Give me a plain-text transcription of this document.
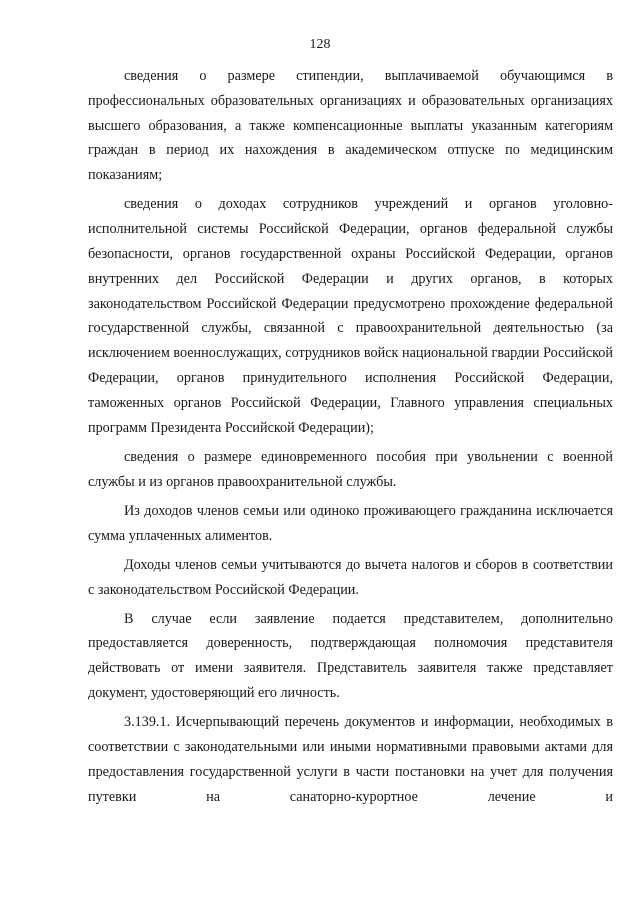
128

сведения о размере стипендии, выплачиваемой обучающимся в профессиональных образовательных организациях и образовательных организациях высшего образования, а также компенсационные выплаты указанным категориям граждан в период их нахождения в академическом отпуске по медицинским показаниям;

сведения о доходах сотрудников учреждений и органов уголовно-исполнительной системы Российской Федерации, органов федеральной службы безопасности, органов государственной охраны Российской Федерации, органов внутренних дел Российской Федерации и других органов, в которых законодательством Российской Федерации предусмотрено прохождение федеральной государственной службы, связанной с правоохранительной деятельностью (за исключением военнослужащих, сотрудников войск национальной гвардии Российской Федерации, органов принудительного исполнения Российской Федерации, таможенных органов Российской Федерации, Главного управления специальных программ Президента Российской Федерации);

сведения о размере единовременного пособия при увольнении с военной службы и из органов правоохранительной службы.

Из доходов членов семьи или одиноко проживающего гражданина исключается сумма уплаченных алиментов.

Доходы членов семьи учитываются до вычета налогов и сборов в соответствии с законодательством Российской Федерации.

В случае если заявление подается представителем, дополнительно предоставляется доверенность, подтверждающая полномочия представителя действовать от имени заявителя. Представитель заявителя также представляет документ, удостоверяющий его личность.

3.139.1. Исчерпывающий перечень документов и информации, необходимых в соответствии с законодательными или иными нормативными правовыми актами для предоставления государственной услуги в части постановки на учет для получения путевки на санаторно-курортное лечение и
